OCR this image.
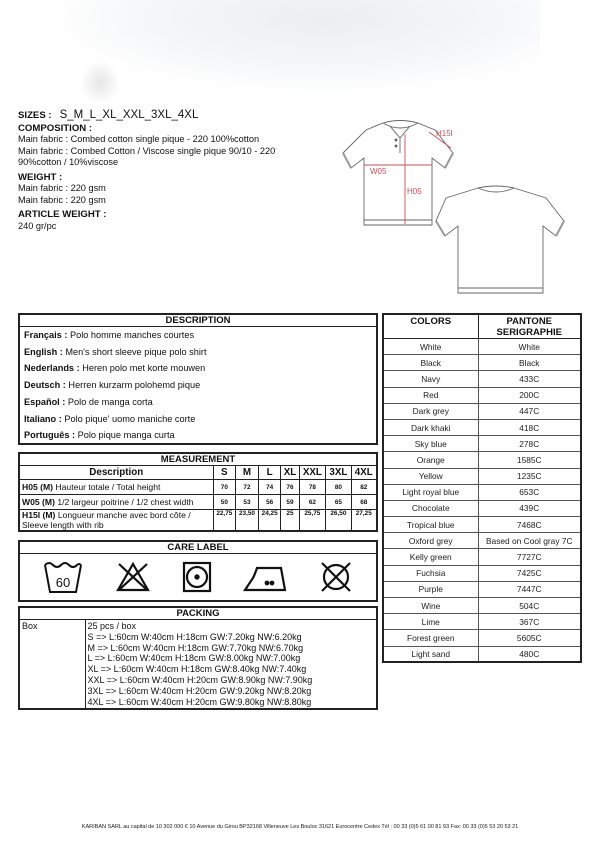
SIZES : S_M_L_XL_XXL_3XL_4XL
COMPOSITION :
Main fabric : Combed cotton single pique - 220 100%cotton
Main fabric : Combed Cotton / Viscose single pique 90/10 - 220
90%cotton / 10%viscose
WEIGHT :
Main fabric : 220 gsm
Main fabric : 220 gsm
ARTICLE WEIGHT :
240 gr/pc
H15l
W05
H05
DESCRIPTION
Français : Polo homme manches courtes
English : Men's short sleeve pique polo shirt
Nederlands : Heren polo met korte mouwen
Deutsch : Herren kurzarm polohemd pique
Español : Polo de manga corta
Italiano : Polo pique' uomo maniche corte
Português : Polo pique manga curta
MEASUREMENT							
Description	S	M	L	XL	XXL	3XL	4XL
H05 (M) Hauteur totale / Total height	70	72	74	76	78	80	82
W05 (M) 1/2 largeur poitrine / 1/2 chest width	50	53	56	59	62	65	68
H15l (M) Longueur manche avec bord côte / Sleeve length with rib	22,75	23,50	24,25	25	25,75	26,50	27,25
CARE LABEL
60
PACKING
Box	25 pcs / box
S => L:60cm W:40cm H:18cm GW:7.20kg NW:6.20kg
M => L:60cm W:40cm H:18cm GW:7.70kg NW:6.70kg
L => L:60cm W:40cm H:18cm GW:8.00kg NW:7.00kg
XL => L:60cm W:40cm H:18cm GW:8.40kg NW:7.40kg
XXL => L:60cm W:40cm H:20cm GW:8.90kg NW:7.90kg
3XL => L:60cm W:40cm H:20cm GW:9.20kg NW:8.20kg
4XL => L:60cm W:40cm H:20cm GW:9.80kg NW:8.80kg
COLORS	PANTONE
SERIGRAPHIE
White	White
Black	Black
Navy	433C
Red	200C
Dark grey	447C
Dark khaki	418C
Sky blue	278C
Orange	1585C
Yellow	1235C
Light royal blue	653C
Chocolate	439C
Tropical blue	7468C
Oxford grey	Based on Cool gray 7C
Kelly green	7727C
Fuchsia	7425C
Purple	7447C
Wine	504C
Lime	367C
Forest green	5605C
Light sand	480C
KARIBAN SARL au capital de 10 302 000 € 10 Avenue du Girou BP32168 Villeneuve Les Bouloc 31621 Eurocentre Cedex Tél : 00 33 (0)5 61 00 81 93 Fax: 00 33 (0)5 53 20 53 21
